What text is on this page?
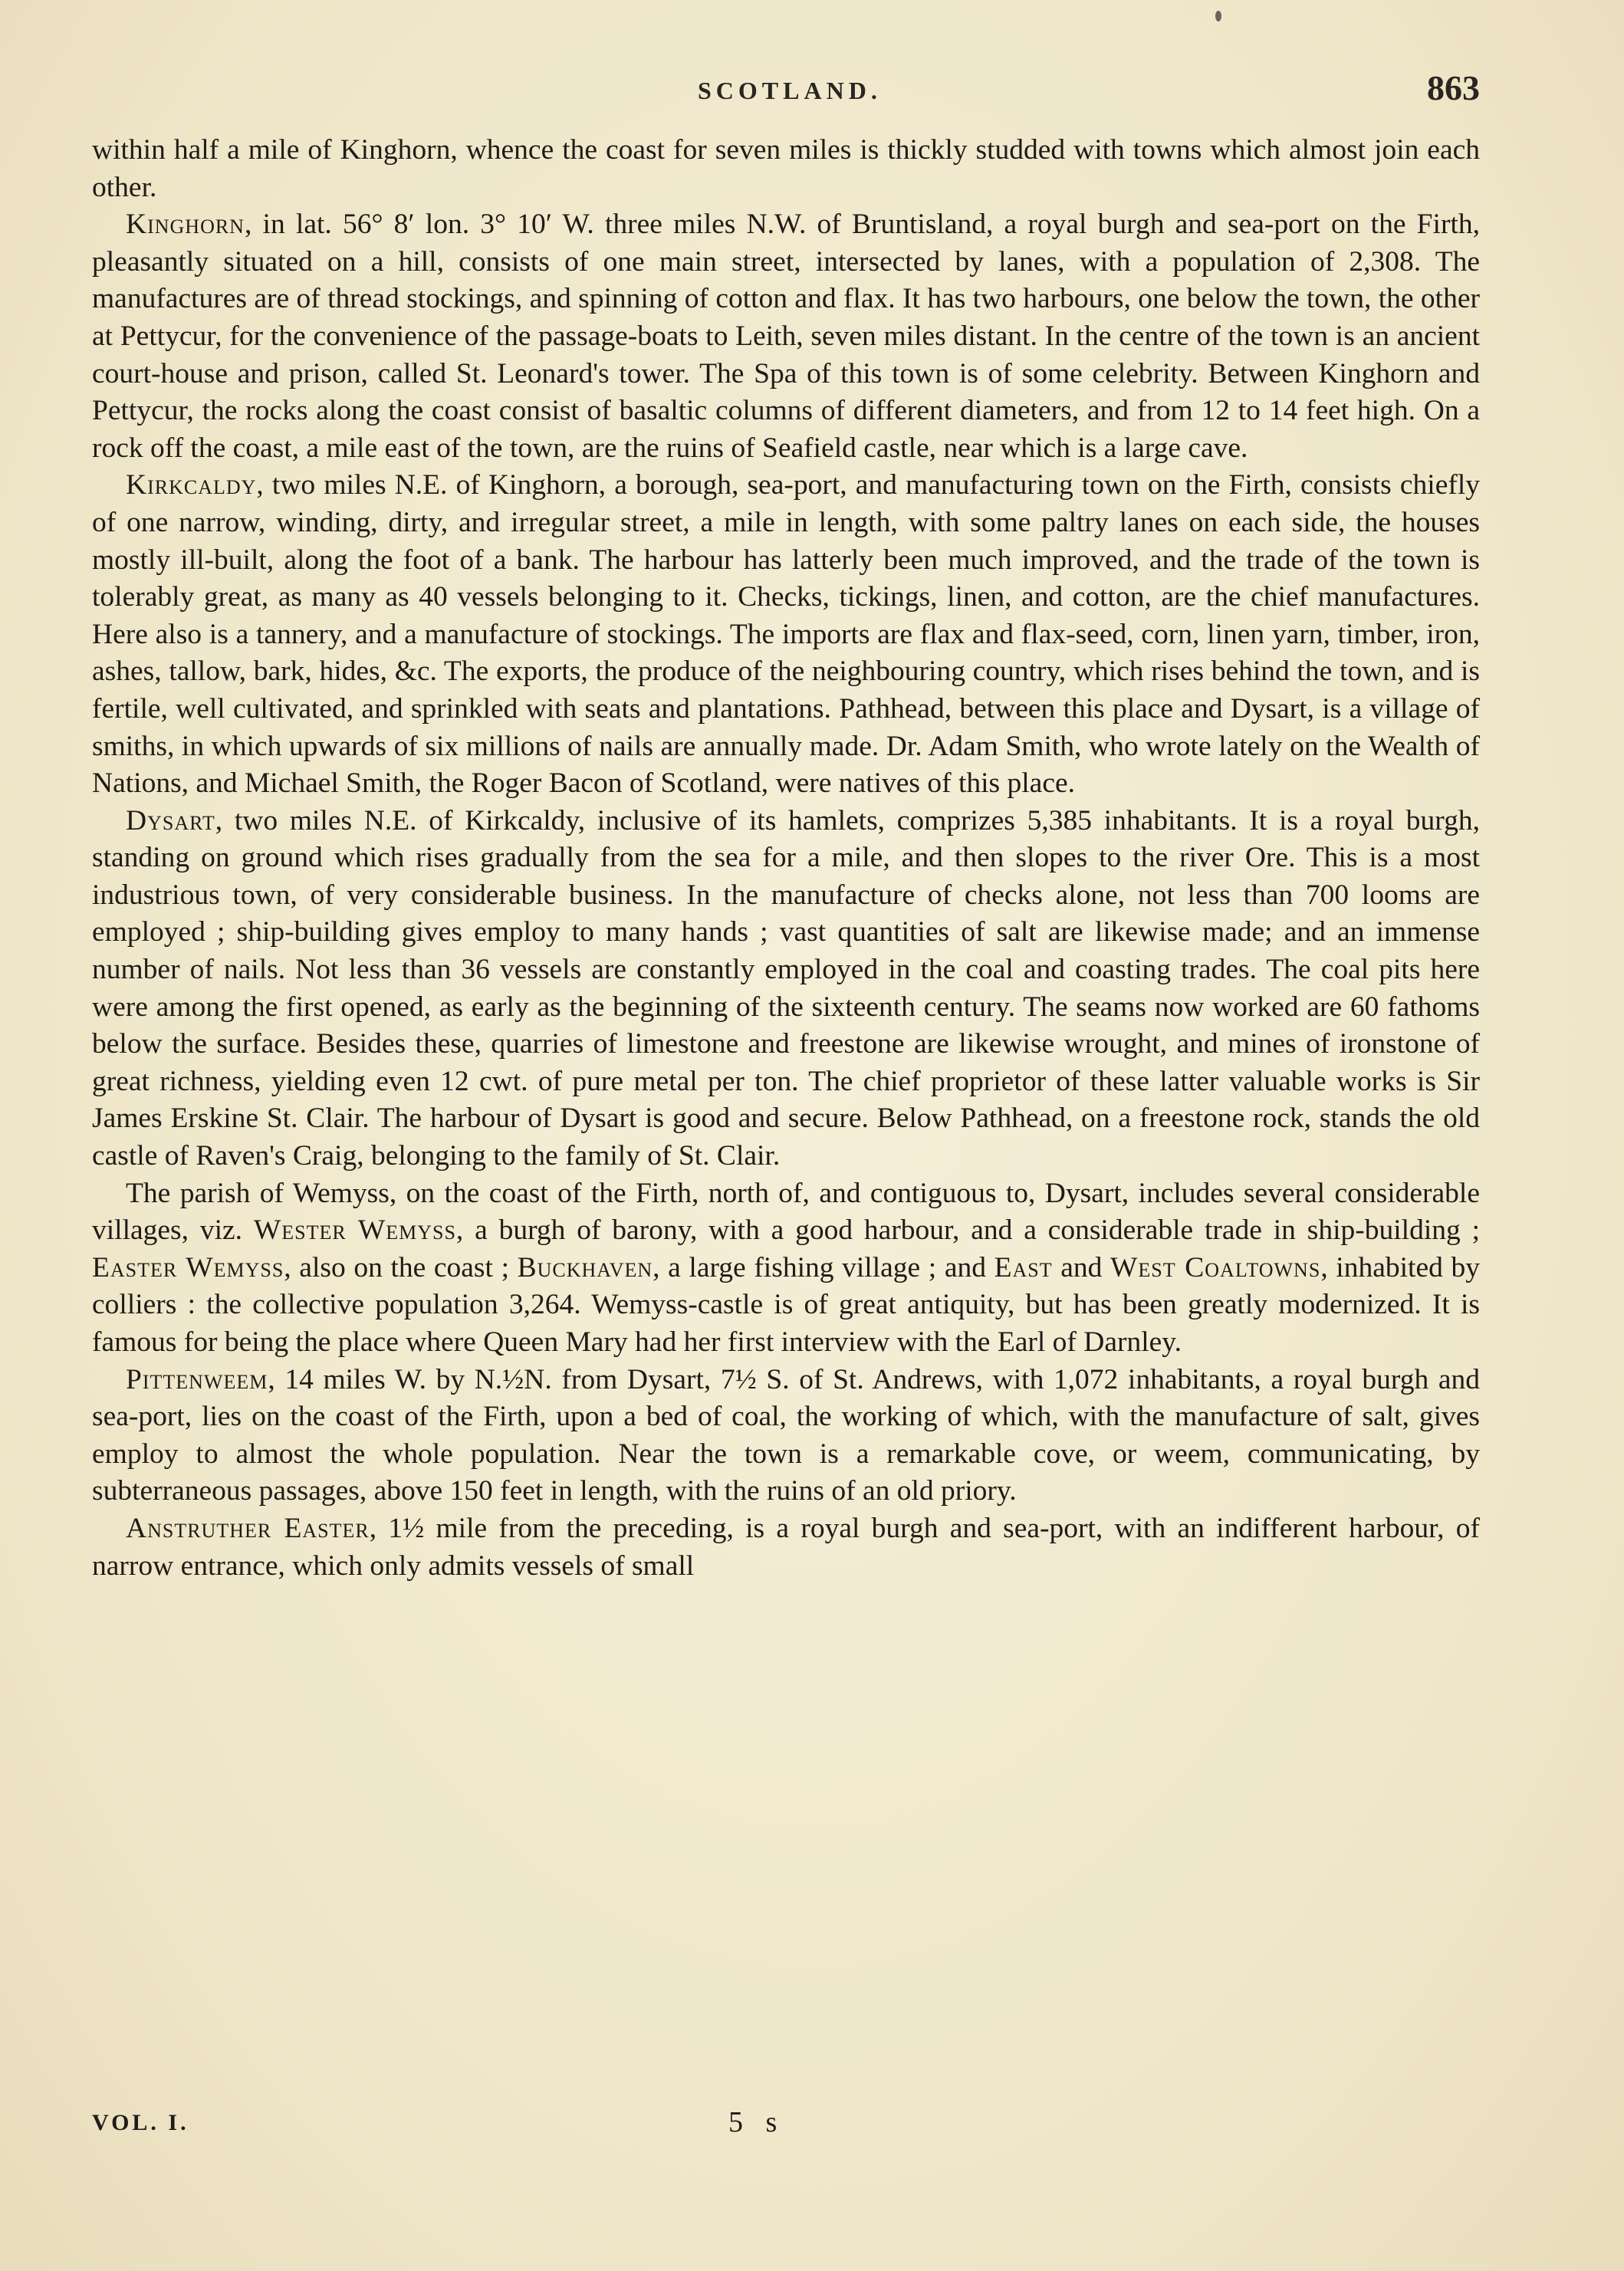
SCOTLAND.	863

within half a mile of Kinghorn, whence the coast for seven miles is thickly studded with towns which almost join each other.

Kinghorn, in lat. 56° 8′ lon. 3° 10′ W. three miles N.W. of Bruntisland, a royal burgh and sea-port on the Firth, pleasantly situated on a hill, consists of one main street, intersected by lanes, with a population of 2,308. The manufactures are of thread stockings, and spinning of cotton and flax. It has two harbours, one below the town, the other at Pettycur, for the convenience of the passage-boats to Leith, seven miles distant. In the centre of the town is an ancient court-house and prison, called St. Leonard's tower. The Spa of this town is of some celebrity. Between Kinghorn and Pettycur, the rocks along the coast consist of basaltic columns of different diameters, and from 12 to 14 feet high. On a rock off the coast, a mile east of the town, are the ruins of Seafield castle, near which is a large cave.

Kirkcaldy, two miles N.E. of Kinghorn, a borough, sea-port, and manufacturing town on the Firth, consists chiefly of one narrow, winding, dirty, and irregular street, a mile in length, with some paltry lanes on each side, the houses mostly ill-built, along the foot of a bank. The harbour has latterly been much improved, and the trade of the town is tolerably great, as many as 40 vessels belonging to it. Checks, tickings, linen, and cotton, are the chief manufactures. Here also is a tannery, and a manufacture of stockings. The imports are flax and flax-seed, corn, linen yarn, timber, iron, ashes, tallow, bark, hides, &c. The exports, the produce of the neighbouring country, which rises behind the town, and is fertile, well cultivated, and sprinkled with seats and plantations. Pathhead, between this place and Dysart, is a village of smiths, in which upwards of six millions of nails are annually made. Dr. Adam Smith, who wrote lately on the Wealth of Nations, and Michael Smith, the Roger Bacon of Scotland, were natives of this place.

Dysart, two miles N.E. of Kirkcaldy, inclusive of its hamlets, comprizes 5,385 inhabitants. It is a royal burgh, standing on ground which rises gradually from the sea for a mile, and then slopes to the river Ore. This is a most industrious town, of very considerable business. In the manufacture of checks alone, not less than 700 looms are employed ; ship-building gives employ to many hands ; vast quantities of salt are likewise made; and an immense number of nails. Not less than 36 vessels are constantly employed in the coal and coasting trades. The coal pits here were among the first opened, as early as the beginning of the sixteenth century. The seams now worked are 60 fathoms below the surface. Besides these, quarries of limestone and freestone are likewise wrought, and mines of ironstone of great richness, yielding even 12 cwt. of pure metal per ton. The chief proprietor of these latter valuable works is Sir James Erskine St. Clair. The harbour of Dysart is good and secure. Below Pathhead, on a freestone rock, stands the old castle of Raven's Craig, belonging to the family of St. Clair.

The parish of Wemyss, on the coast of the Firth, north of, and contiguous to, Dysart, includes several considerable villages, viz. Wester Wemyss, a burgh of barony, with a good harbour, and a considerable trade in ship-building ; Easter Wemyss, also on the coast ; Buckhaven, a large fishing village ; and East and West Coaltowns, inhabited by colliers : the collective population 3,264. Wemyss-castle is of great antiquity, but has been greatly modernized. It is famous for being the place where Queen Mary had her first interview with the Earl of Darnley.

Pittenweem, 14 miles W. by N.½N. from Dysart, 7½ S. of St. Andrews, with 1,072 inhabitants, a royal burgh and sea-port, lies on the coast of the Firth, upon a bed of coal, the working of which, with the manufacture of salt, gives employ to almost the whole population. Near the town is a remarkable cove, or weem, communicating, by subterraneous passages, above 150 feet in length, with the ruins of an old priory.

Anstruther Easter, 1½ mile from the preceding, is a royal burgh and sea-port, with an indifferent harbour, of narrow entrance, which only admits vessels of small

VOL. I.	5 s
